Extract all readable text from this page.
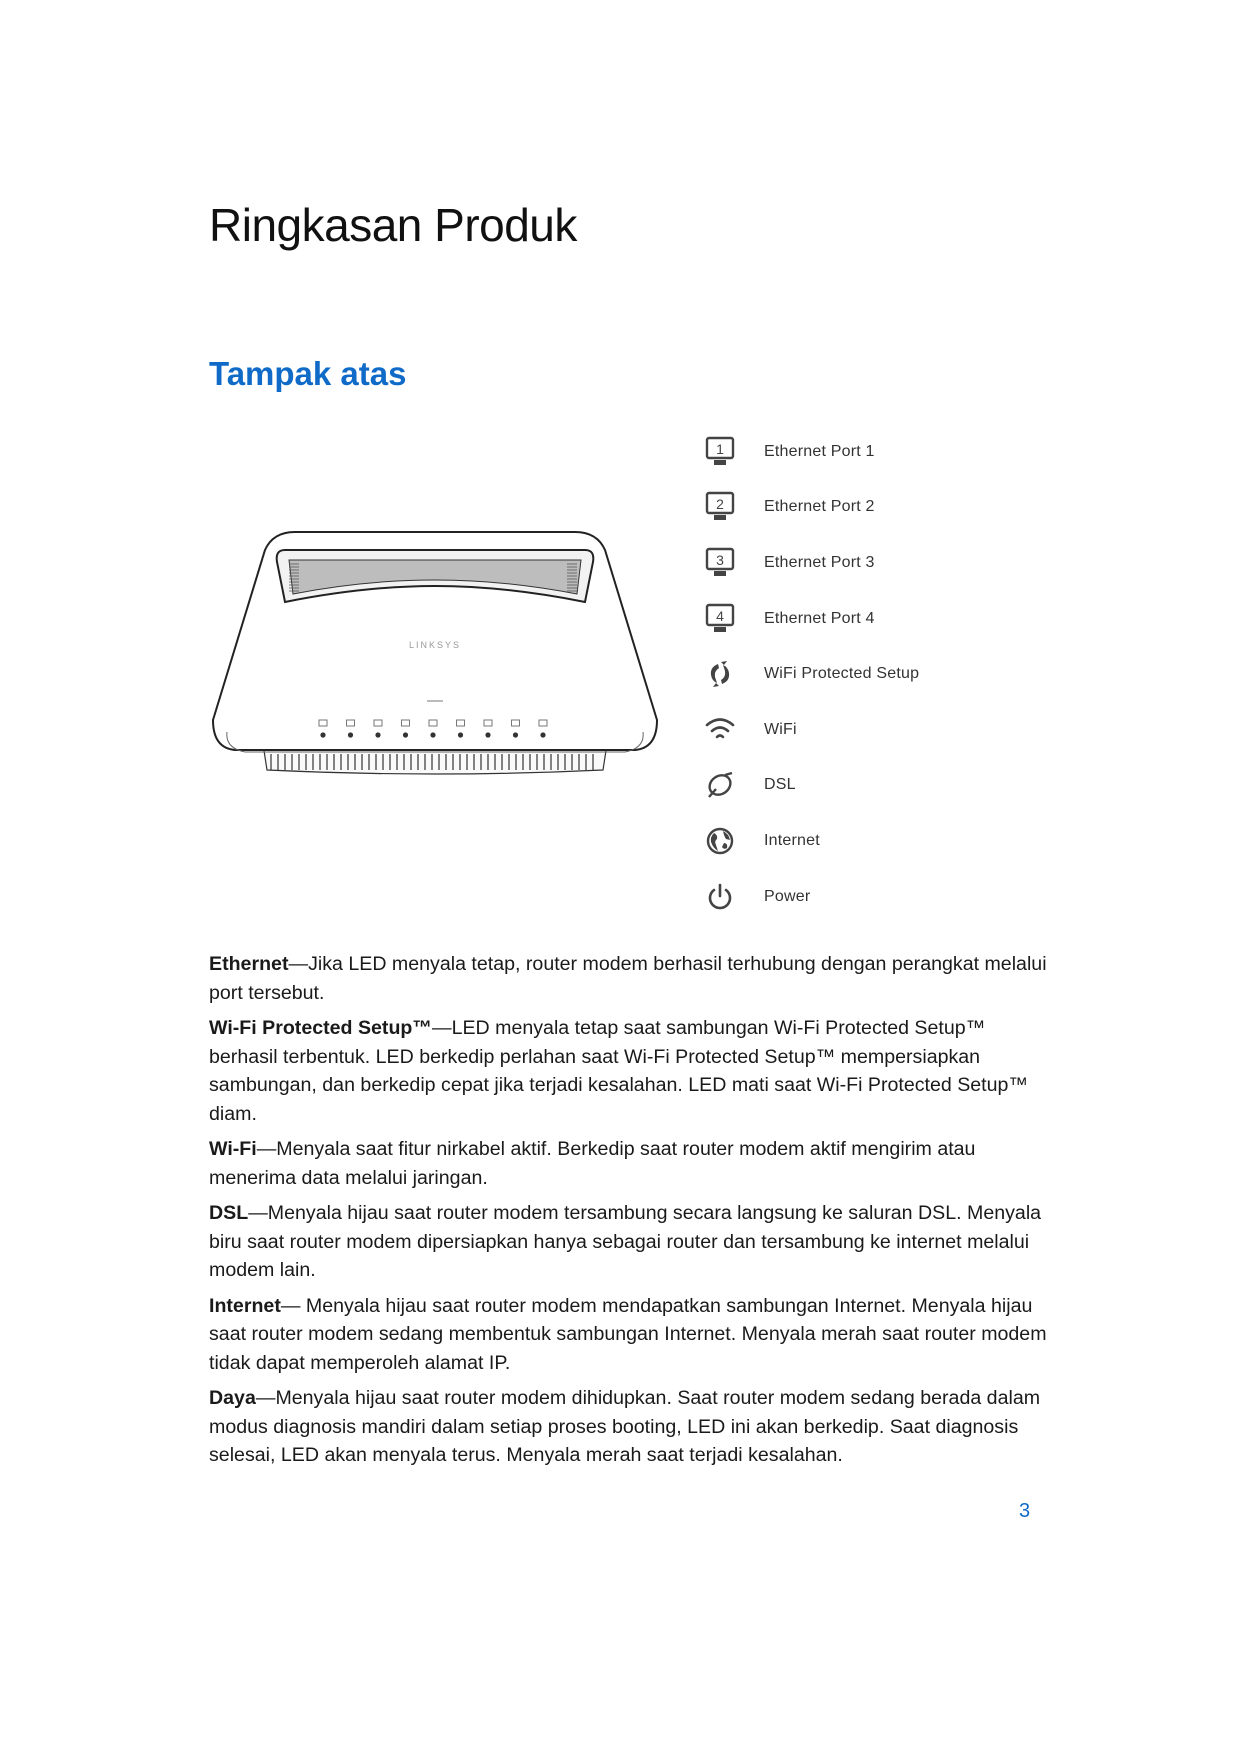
Ringkasan Produk
Tampak atas
LINKSYS
1	Ethernet Port 1
2	Ethernet Port 2
3	Ethernet Port 3
4	Ethernet Port 4
WiFi Protected Setup
WiFi
DSL
Internet
Power

Ethernet—Jika LED menyala tetap, router modem berhasil terhubung dengan perangkat melalui port tersebut.

Wi-Fi Protected Setup™—LED menyala tetap saat sambungan Wi-Fi Protected Setup™ berhasil terbentuk. LED berkedip perlahan saat Wi-Fi Protected Setup™ mempersiapkan sambungan, dan berkedip cepat jika terjadi kesalahan. LED mati saat Wi-Fi Protected Setup™ diam.

Wi-Fi—Menyala saat fitur nirkabel aktif. Berkedip saat router modem aktif mengirim atau menerima data melalui jaringan.

DSL—Menyala hijau saat router modem tersambung secara langsung ke saluran DSL. Menyala biru saat router modem dipersiapkan hanya sebagai router dan tersambung ke internet melalui modem lain.

Internet— Menyala hijau saat router modem mendapatkan sambungan Internet. Menyala hijau saat router modem sedang membentuk sambungan Internet. Menyala merah saat router modem tidak dapat memperoleh alamat IP.

Daya—Menyala hijau saat router modem dihidupkan. Saat router modem sedang berada dalam modus diagnosis mandiri dalam setiap proses booting, LED ini akan berkedip. Saat diagnosis selesai, LED akan menyala terus. Menyala merah saat terjadi kesalahan.

3
